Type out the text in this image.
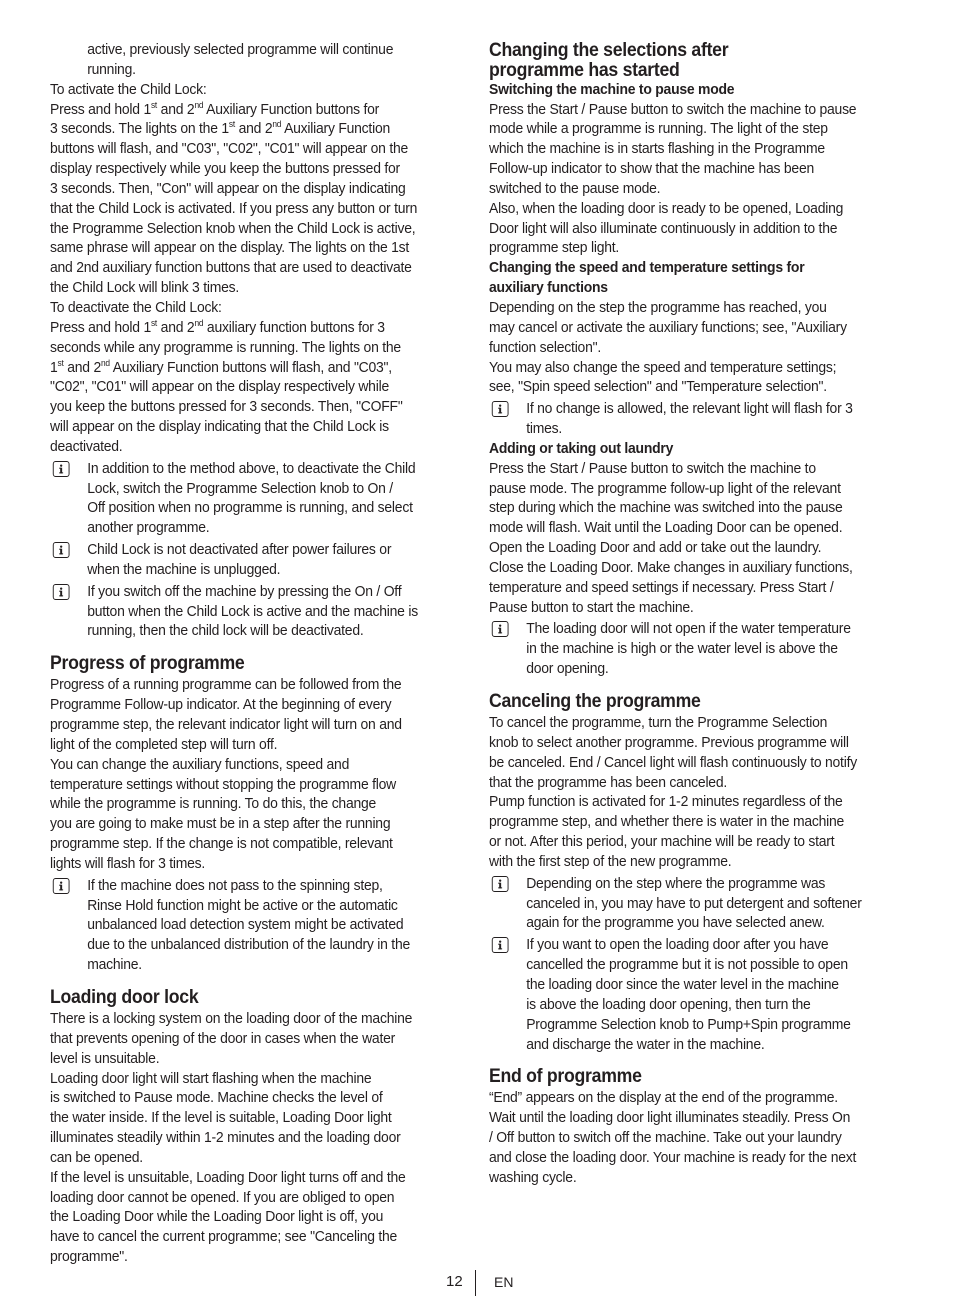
active, previously selected programme will continue
running.
To activate the Child Lock:
Press and hold 1st and 2nd Auxiliary Function buttons for
3 seconds. The lights on the 1st and 2nd Auxiliary Function
buttons will flash, and "C03", "C02", "C01" will appear on the
display respectively while you keep the buttons pressed for
3 seconds. Then, "Con" will appear on the display indicating
that the Child Lock is activated. If you press any button or turn
the Programme Selection knob when the Child Lock is active,
same phrase will appear on the display. The lights on the 1st
and 2nd auxiliary function buttons that are used to deactivate
the Child Lock will blink 3 times.
To deactivate the Child Lock:
Press and hold 1st and 2nd auxiliary function buttons for 3
seconds while any programme is running. The lights on the
1st and 2nd Auxiliary Function buttons will flash, and "C03",
"C02", "C01" will appear on the display respectively while
you keep the buttons pressed for 3 seconds. Then, "COFF"
will appear on the display indicating that the Child Lock is
deactivated.
In addition to the method above, to deactivate the Child
Lock, switch the Programme Selection knob to On /
Off position when no programme is running, and select
another programme.
Child Lock is not deactivated after power failures or
when the machine is unplugged.
If you switch off the machine by pressing the On / Off
button when the Child Lock is active and the machine is
running, then the child lock will be deactivated.
Progress of programme
Progress of a running programme can be followed from the
Programme Follow-up indicator. At the beginning of every
programme step, the relevant indicator light will turn on and
light of the completed step will turn off.
You can change the auxiliary functions, speed and
temperature settings without stopping the programme flow
while the programme is running. To do this, the change
you are going to make must be in a step after the running
programme step. If the change is not compatible, relevant
lights will flash for 3 times.
If the machine does not pass to the spinning step,
Rinse Hold function might be active or the automatic
unbalanced load detection system might be activated
due to the unbalanced distribution of the laundry in the
machine.
Loading door lock
There is a locking system on the loading door of the machine
that prevents opening of the door in cases when the water
level is unsuitable.
Loading door light will start flashing when the machine
is switched to Pause mode. Machine checks the level of
the water inside. If the level is suitable, Loading Door light
illuminates steadily within 1-2 minutes and the loading door
can be opened.
If the level is unsuitable, Loading Door light turns off and the
loading door cannot be opened. If you are obliged to open
the Loading Door while the Loading Door light is off, you
have to cancel the current programme; see "Canceling the
programme".
Changing the selections after
programme has started
Switching the machine to pause mode
Press the Start / Pause button to switch the machine to pause
mode while a programme is running. The light of the step
which the machine is in starts flashing in the Programme
Follow-up indicator to show that the machine has been
switched to the pause mode.
Also, when the loading door is ready to be opened, Loading
Door light will also illuminate continuously in addition to the
programme step light.
Changing the speed and temperature settings for
auxiliary functions
Depending on the step the programme has reached, you
may cancel or activate the auxiliary functions; see, "Auxiliary
function selection".
You may also change the speed and temperature settings;
see, "Spin speed selection" and "Temperature selection".
If no change is allowed, the relevant light will flash for 3
times.
Adding or taking out laundry
Press the Start / Pause button to switch the machine to
pause mode. The programme follow-up light of the relevant
step during which the machine was switched into the pause
mode will flash. Wait until the Loading Door can be opened.
Open the Loading Door and add or take out the laundry.
Close the Loading Door. Make changes in auxiliary functions,
temperature and speed settings if necessary. Press Start /
Pause button to start the machine.
The loading door will not open if the water temperature
in the machine is high or the water level is above the
door opening.
Canceling the programme
To cancel the programme, turn the Programme Selection
knob to select another programme. Previous programme will
be canceled. End / Cancel light will flash continuously to notify
that the programme has been canceled.
Pump function is activated for 1-2 minutes regardless of the
programme step, and whether there is water in the machine
or not. After this period, your machine will be ready to start
with the first step of the new programme.
Depending on the step where the programme was
canceled in, you may have to put detergent and softener
again for the programme you have selected anew.
If you want to open the loading door after you have
cancelled the programme but it is not possible to open
the loading door since the water level in the machine
is above the loading door opening, then turn the
Programme Selection knob to Pump+Spin programme
and discharge the water in the machine.
End of programme
“End” appears on the display at the end of the programme.
Wait until the loading door light illuminates steadily. Press On
/ Off button to switch off the machine. Take out your laundry
and close the loading door. Your machine is ready for the next
washing cycle.
12 EN
